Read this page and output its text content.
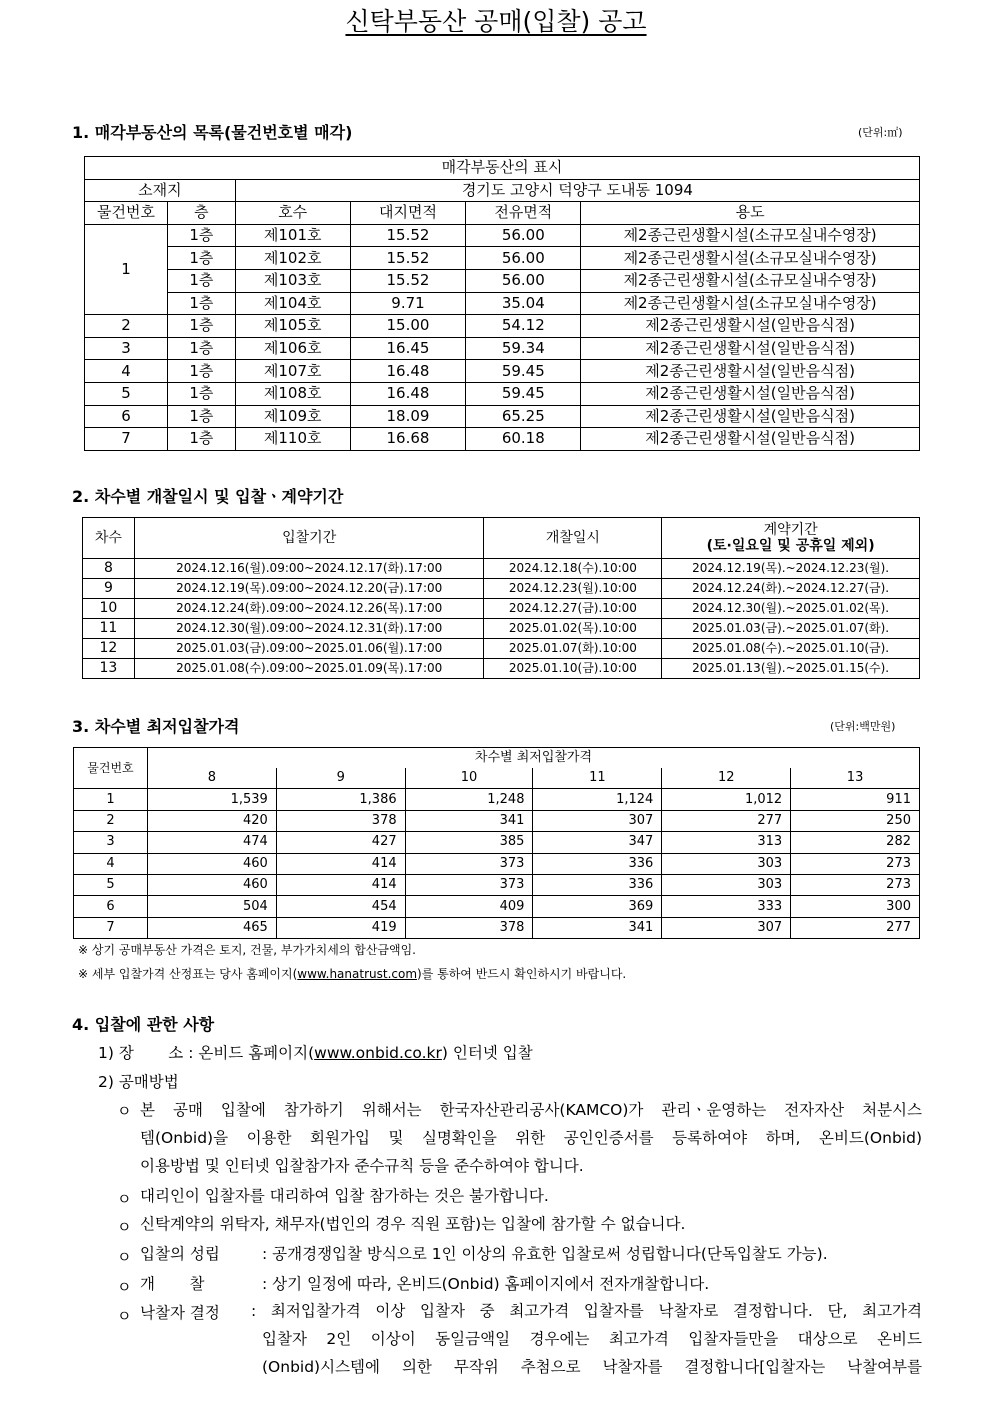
신탁부동산 공매(입찰) 공고
1. 매각부동산의 목록(물건번호별 매각)	(단위:㎡)
매각부동산의 표시					
소재지		경기도 고양시 덕양구 도내동 1094			
물건번호	층	호수	대지면적	전유면적	용도
1	1층	제101호	15.52	56.00	제2종근린생활시설(소규모실내수영장)
	1층	제102호	15.52	56.00	제2종근린생활시설(소규모실내수영장)
	1층	제103호	15.52	56.00	제2종근린생활시설(소규모실내수영장)
	1층	제104호	9.71	35.04	제2종근린생활시설(소규모실내수영장)
2	1층	제105호	15.00	54.12	제2종근린생활시설(일반음식점)
3	1층	제106호	16.45	59.34	제2종근린생활시설(일반음식점)
4	1층	제107호	16.48	59.45	제2종근린생활시설(일반음식점)
5	1층	제108호	16.48	59.45	제2종근린생활시설(일반음식점)
6	1층	제109호	18.09	65.25	제2종근린생활시설(일반음식점)
7	1층	제110호	16.68	60.18	제2종근린생활시설(일반음식점)
2. 차수별 개찰일시 및 입찰ㆍ계약기간
차수	입찰기간	개찰일시	계약기간
(토·일요일 및 공휴일 제외)

8	2024.12.16(월).09:00~2024.12.17(화).17:00	2024.12.18(수).10:00	2024.12.19(목).~2024.12.23(월).
9	2024.12.19(목).09:00~2024.12.20(금).17:00	2024.12.23(월).10:00	2024.12.24(화).~2024.12.27(금).
10	2024.12.24(화).09:00~2024.12.26(목).17:00	2024.12.27(금).10:00	2024.12.30(월).~2025.01.02(목).
11	2024.12.30(월).09:00~2024.12.31(화).17:00	2025.01.02(목).10:00	2025.01.03(금).~2025.01.07(화).
12	2025.01.03(금).09:00~2025.01.06(월).17:00	2025.01.07(화).10:00	2025.01.08(수).~2025.01.10(금).
13	2025.01.08(수).09:00~2025.01.09(목).17:00	2025.01.10(금).10:00	2025.01.13(월).~2025.01.15(수).
3. 차수별 최저입찰가격	(단위:백만원)
물건번호	차수별 최저입찰가격					
	8	9	10	11	12	13
1	1,539	1,386	1,248	1,124	1,012	911
2	420	378	341	307	277	250
3	474	427	385	347	313	282
4	460	414	373	336	303	273
5	460	414	373	336	303	273
6	504	454	409	369	333	300
7	465	419	378	341	307	277
※ 상기 공매부동산 가격은 토지, 건물, 부가가치세의 합산금액임.
※ 세부 입찰가격 산정표는 당사 홈페이지(www.hanatrust.com)를 통하여 반드시 확인하시기 바랍니다.
4. 입찰에 관한 사항
1) 장       소 : 온비드 홈페이지(www.onbid.co.kr) 인터넷 입찰
2) 공매방법
ㅇ 본 공매 입찰에 참가하기 위해서는 한국자산관리공사(KAMCO)가 관리ㆍ운영하는 전자자산 처분시스
템(Onbid)을 이용한 회원가입 및 실명확인을 위한 공인인증서를 등록하여야 하며, 온비드(Onbid)
이용방법 및 인터넷 입찰참가자 준수규칙 등을 준수하여야 합니다.
ㅇ 대리인이 입찰자를 대리하여 입찰 참가하는 것은 불가합니다.
ㅇ 신탁계약의 위탁자, 채무자(법인의 경우 직원 포함)는 입찰에 참가할 수 없습니다.
ㅇ 입찰의 성립	: 공개경쟁입찰 방식으로 1인 이상의 유효한 입찰로써 성립합니다(단독입찰도 가능).
ㅇ 개       찰	: 상기 일정에 따라, 온비드(Onbid) 홈페이지에서 전자개찰합니다.
ㅇ 낙찰자 결정 : 최저입찰가격 이상 입찰자 중 최고가격 입찰자를 낙찰자로 결정합니다. 단, 최고가격
입찰자 2인 이상이 동일금액일 경우에는 최고가격 입찰자들만을 대상으로 온비드
(Onbid)시스템에 의한 무작위 추첨으로 낙찰자를 결정합니다[입찰자는 낙찰여부를
